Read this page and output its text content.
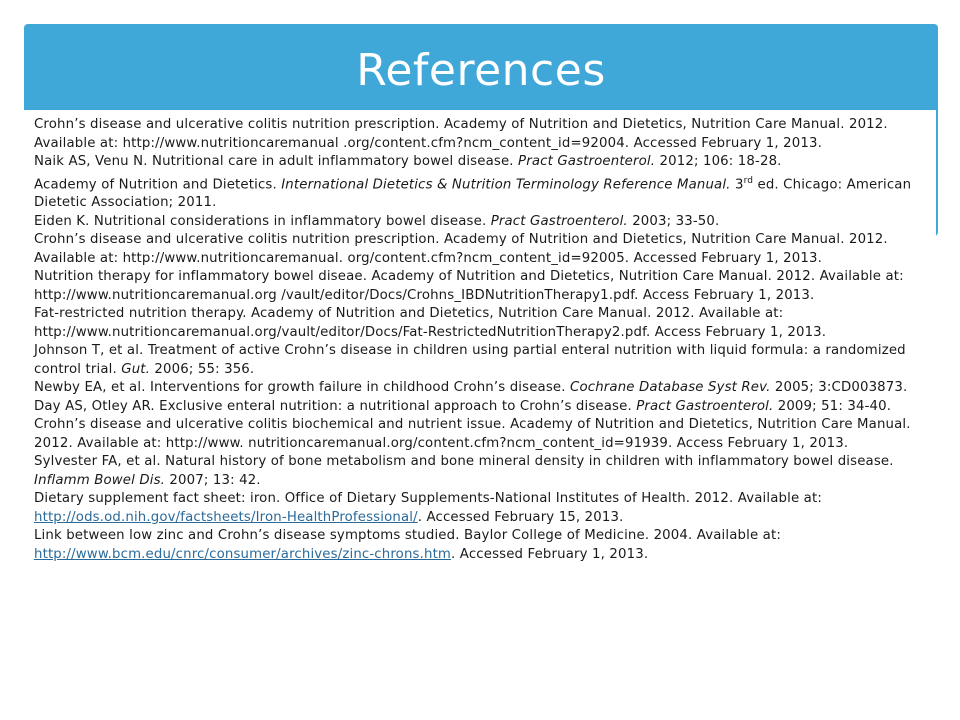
References
Crohn’s disease and ulcerative colitis nutrition prescription. Academy of Nutrition and Dietetics, Nutrition Care Manual. 2012. Available at: http://www.nutritioncaremanual .org/content.cfm?ncm_content_id=92004. Accessed February 1, 2013.
Naik AS, Venu N. Nutritional care in adult inflammatory bowel disease. Pract Gastroenterol. 2012; 106: 18-28.
Academy of Nutrition and Dietetics. International Dietetics & Nutrition Terminology Reference Manual. 3rd ed. Chicago: American Dietetic Association; 2011.
Eiden K. Nutritional considerations in inflammatory bowel disease. Pract Gastroenterol. 2003; 33-50.
Crohn’s disease and ulcerative colitis nutrition prescription. Academy of Nutrition and Dietetics, Nutrition Care Manual. 2012. Available at: http://www.nutritioncaremanual. org/content.cfm?ncm_content_id=92005. Accessed February 1, 2013.
Nutrition therapy for inflammatory bowel diseae. Academy of Nutrition and Dietetics, Nutrition Care Manual. 2012. Available at: http://www.nutritioncaremanual.org /vault/editor/Docs/Crohns_IBDNutritionTherapy1.pdf. Access February 1, 2013.
Fat-restricted nutrition therapy. Academy of Nutrition and Dietetics, Nutrition Care Manual. 2012. Available at: http://www.nutritioncaremanual.org/vault/editor/Docs/Fat-RestrictedNutritionTherapy2.pdf. Access February 1, 2013.
Johnson T, et al. Treatment of active Crohn’s disease in children using partial enteral nutrition with liquid formula: a randomized control trial. Gut. 2006; 55: 356.
Newby EA, et al. Interventions for growth failure in childhood Crohn’s disease. Cochrane Database Syst Rev. 2005; 3:CD003873.
Day AS, Otley AR. Exclusive enteral nutrition: a nutritional approach to Crohn’s disease. Pract Gastroenterol. 2009; 51: 34-40.
Crohn’s disease and ulcerative colitis biochemical and nutrient issue. Academy of Nutrition and Dietetics, Nutrition Care Manual. 2012. Available at: http://www. nutritioncaremanual.org/content.cfm?ncm_content_id=91939. Access February 1, 2013.
Sylvester FA, et al. Natural history of bone metabolism and bone mineral density in children with inflammatory bowel disease. Inflamm Bowel Dis. 2007; 13: 42.
Dietary supplement fact sheet: iron. Office of Dietary Supplements-National Institutes of Health. 2012. Available at: http://ods.od.nih.gov/factsheets/Iron-HealthProfessional/. Accessed February 15, 2013.
Link between low zinc and Crohn’s disease symptoms studied. Baylor College of Medicine. 2004. Available at: http://www.bcm.edu/cnrc/consumer/archives/zinc-chrons.htm. Accessed February 1, 2013.
